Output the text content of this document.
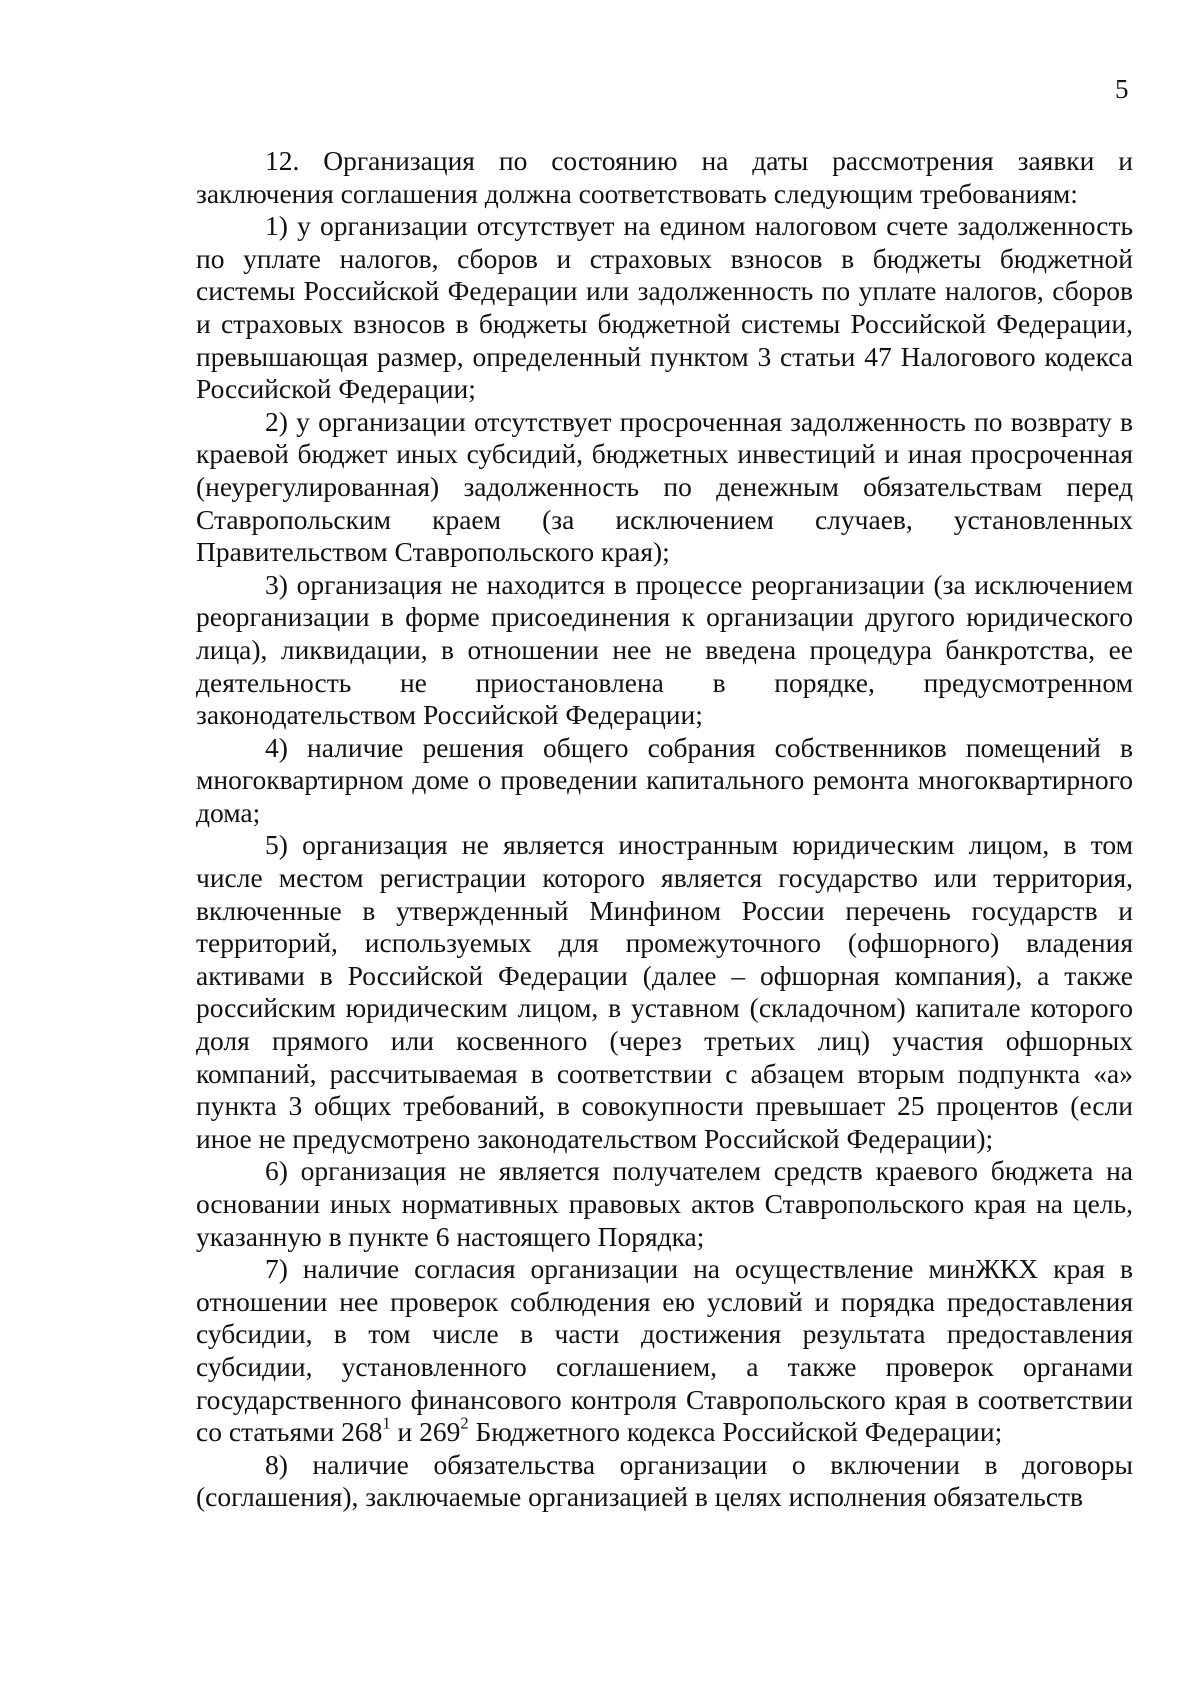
5

12. Организация по состоянию на даты рассмотрения заявки и заключения соглашения должна соответствовать следующим требованиям:

1) у организации отсутствует на едином налоговом счете задолженность по уплате налогов, сборов и страховых взносов в бюджеты бюджетной системы Российской Федерации или задолженность по уплате налогов, сборов и страховых взносов в бюджеты бюджетной системы Российской Федерации, превышающая размер, определенный пунктом 3 статьи 47 Налогового кодекса Российской Федерации;

2) у организации отсутствует просроченная задолженность по возврату в краевой бюджет иных субсидий, бюджетных инвестиций и иная просроченная (неурегулированная) задолженность по денежным обязательствам перед Ставропольским краем (за исключением случаев, установленных Правительством Ставропольского края);

3) организация не находится в процессе реорганизации (за исключением реорганизации в форме присоединения к организации другого юридического лица), ликвидации, в отношении нее не введена процедура банкротства, ее деятельность не приостановлена в порядке, предусмотренном законодательством Российской Федерации;

4) наличие решения общего собрания собственников помещений в многоквартирном доме о проведении капитального ремонта многоквартирного дома;

5) организация не является иностранным юридическим лицом, в том числе местом регистрации которого является государство или территория, включенные в утвержденный Минфином России перечень государств и территорий, используемых для промежуточного (офшорного) владения активами в Российской Федерации (далее – офшорная компания), а также российским юридическим лицом, в уставном (складочном) капитале которого доля прямого или косвенного (через третьих лиц) участия офшорных компаний, рассчитываемая в соответствии с абзацем вторым подпункта «а» пункта 3 общих требований, в совокупности превышает 25 процентов (если иное не предусмотрено законодательством Российской Федерации);

6) организация не является получателем средств краевого бюджета на основании иных нормативных правовых актов Ставропольского края на цель, указанную в пункте 6 настоящего Порядка;

7) наличие согласия организации на осуществление минЖКХ края в отношении нее проверок соблюдения ею условий и порядка предоставления субсидии, в том числе в части достижения результата предоставления субсидии, установленного соглашением, а также проверок органами государственного финансового контроля Ставропольского края в соответствии со статьями $268^1$ и $269^2$ Бюджетного кодекса Российской Федерации;

8) наличие обязательства организации о включении в договоры (соглашения), заключаемые организацией в целях исполнения обязательств
